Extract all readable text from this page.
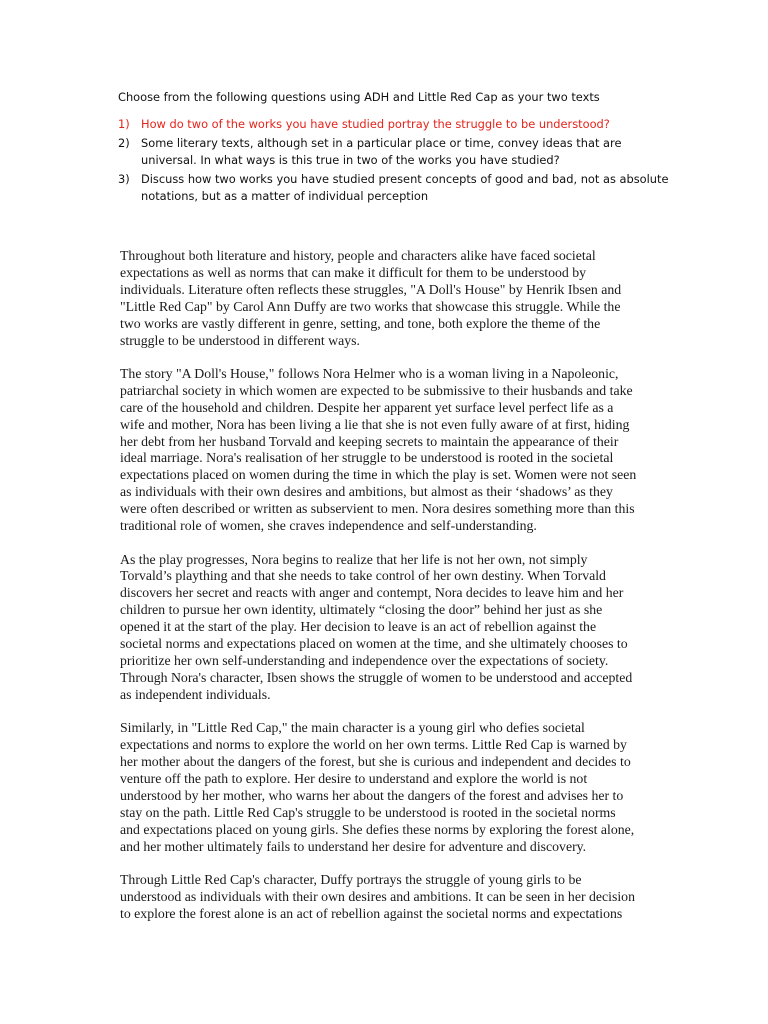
Choose from the following questions using ADH and Little Red Cap as your two texts
1) How do two of the works you have studied portray the struggle to be understood?
2) Some literary texts, although set in a particular place or time, convey ideas that are
universal. In what ways is this true in two of the works you have studied?
3) Discuss how two works you have studied present concepts of good and bad, not as absolute
notations, but as a matter of individual perception
Throughout both literature and history, people and characters alike have faced societal
expectations as well as norms that can make it difficult for them to be understood by
individuals. Literature often reflects these struggles, "A Doll's House" by Henrik Ibsen and
"Little Red Cap" by Carol Ann Duffy are two works that showcase this struggle. While the
two works are vastly different in genre, setting, and tone, both explore the theme of the
struggle to be understood in different ways.
The story "A Doll's House," follows Nora Helmer who is a woman living in a Napoleonic,
patriarchal society in which women are expected to be submissive to their husbands and take
care of the household and children. Despite her apparent yet surface level perfect life as a
wife and mother, Nora has been living a lie that she is not even fully aware of at first, hiding
her debt from her husband Torvald and keeping secrets to maintain the appearance of their
ideal marriage. Nora's realisation of her struggle to be understood is rooted in the societal
expectations placed on women during the time in which the play is set. Women were not seen
as individuals with their own desires and ambitions, but almost as their ‘shadows’ as they
were often described or written as subservient to men. Nora desires something more than this
traditional role of women, she craves independence and self-understanding.
As the play progresses, Nora begins to realize that her life is not her own, not simply
Torvald’s plaything and that she needs to take control of her own destiny. When Torvald
discovers her secret and reacts with anger and contempt, Nora decides to leave him and her
children to pursue her own identity, ultimately “closing the door” behind her just as she
opened it at the start of the play. Her decision to leave is an act of rebellion against the
societal norms and expectations placed on women at the time, and she ultimately chooses to
prioritize her own self-understanding and independence over the expectations of society.
Through Nora's character, Ibsen shows the struggle of women to be understood and accepted
as independent individuals.
Similarly, in "Little Red Cap," the main character is a young girl who defies societal
expectations and norms to explore the world on her own terms. Little Red Cap is warned by
her mother about the dangers of the forest, but she is curious and independent and decides to
venture off the path to explore. Her desire to understand and explore the world is not
understood by her mother, who warns her about the dangers of the forest and advises her to
stay on the path. Little Red Cap's struggle to be understood is rooted in the societal norms
and expectations placed on young girls. She defies these norms by exploring the forest alone,
and her mother ultimately fails to understand her desire for adventure and discovery.
Through Little Red Cap's character, Duffy portrays the struggle of young girls to be
understood as individuals with their own desires and ambitions. It can be seen in her decision
to explore the forest alone is an act of rebellion against the societal norms and expectations
